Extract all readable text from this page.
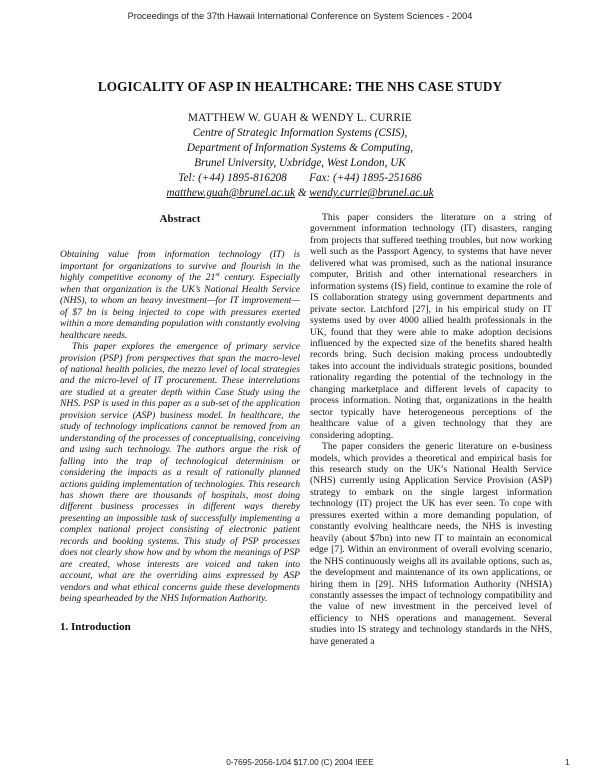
Proceedings of the 37th Hawaii International Conference on System Sciences - 2004
LOGICALITY OF ASP IN HEALTHCARE: THE NHS CASE STUDY
MATTHEW W. GUAH & WENDY L. CURRIE
Centre of Strategic Information Systems (CSIS),
Department of Information Systems & Computing,
Brunel University, Uxbridge, West London, UK
Tel: (+44) 1895-816208        Fax: (+44) 1895-251686
matthew.guah@brunel.ac.uk & wendy.currie@brunel.ac.uk
Abstract

Obtaining value from information technology (IT) is important for organizations to survive and flourish in the highly competitive economy of the 21st century. Especially when that organization is the UK’s National Health Service (NHS), to whom an heavy investment—for IT improvement—of $7 bn is being injected to cope with pressures exerted within a more demanding population with constantly evolving healthcare needs.

This paper explores the emergence of primary service provision (PSP) from perspectives that span the macro-level of national health policies, the mezzo level of local strategies and the micro-level of IT procurement. These interrelations are studied at a greater depth within Case Study using the NHS. PSP is used in this paper as a sub-set of the application provision service (ASP) business model. In healthcare, the study of technology implications cannot be removed from an understanding of the processes of conceptualising, conceiving and using such technology. The authors argue the risk of falling into the trap of technological determinism or considering the impacts as a result of rationally planned actions guiding implementation of technologies. This research has shown there are thousands of hospitals, most doing different business processes in different ways thereby presenting an impossible task of successfully implementing a complex national project consisting of electronic patient records and booking systems. This study of PSP processes does not clearly show how and by whom the meanings of PSP are created, whose interests are voiced and taken into account, what are the overriding aims expressed by ASP vendors and what ethical concerns guide these developments being spearheaded by the NHS Information Authority.

1. Introduction

This paper considers the literature on a string of government information technology (IT) disasters, ranging from projects that suffered teething troubles, but now working well such as the Passport Agency, to systems that have never delivered what was promised, such as the national insurance computer, British and other international researchers in information systems (IS) field, continue to examine the role of IS collaboration strategy using government departments and private sector. Latchford [27], in his empirical study on IT systems used by over 4000 allied health professionals in the UK, found that they were able to make adoption decisions influenced by the expected size of the benefits shared health records bring. Such decision making process undoubtedly takes into account the individuals strategic positions, bounded rationality regarding the potential of the technology in the changing marketplace and different levels of capacity to process information. Noting that, organizations in the health sector typically have heterogeneous perceptions of the healthcare value of a given technology that they are considering adopting.

The paper considers the generic literature on e-business models, which provides a theoretical and empirical basis for this research study on the UK’s National Health Service (NHS) currently using Application Service Provision (ASP) strategy to embark on the single largest information technology (IT) project the UK has ever seen. To cope with pressures exerted within a more demanding population, of constantly evolving healthcare needs, the NHS is investing heavily (about $7bn) into new IT to maintain an economical edge [7]. Within an environment of overall evolving scenario, the NHS continuously weighs all its available options, such as, the development and maintenance of its own applications, or hiring them in [29]. NHS Information Authority (NHSIA) constantly assesses the impact of technology compatibility and the value of new investment in the perceived level of efficiency to NHS operations and management. Several studies into IS strategy and technology standards in the NHS, have generated a

0-7695-2056-1/04 $17.00 (C) 2004 IEEE	1
